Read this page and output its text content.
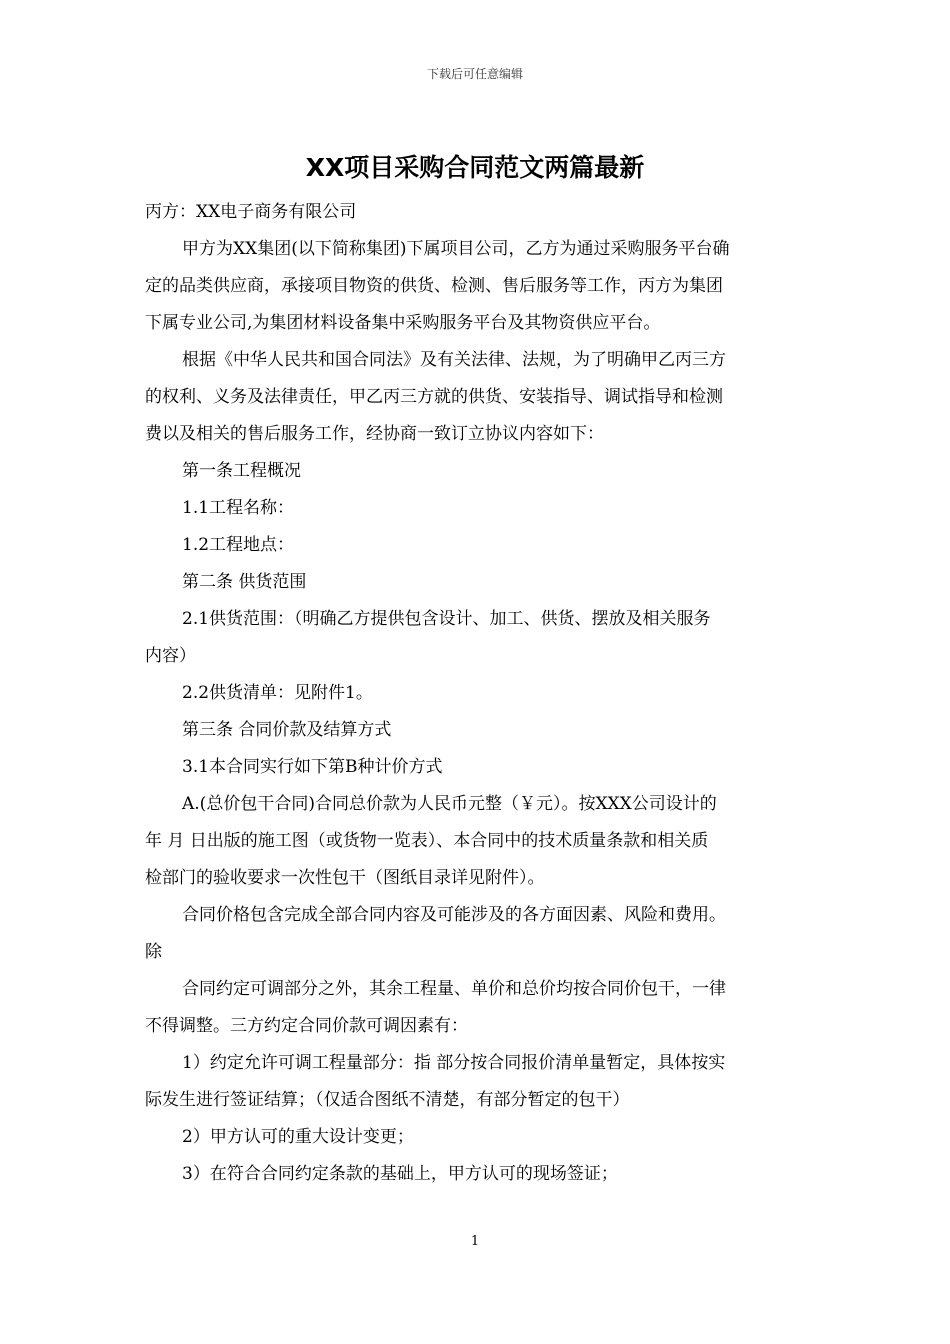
下载后可任意编辑
XX项目采购合同范文两篇最新
丙方：XX电子商务有限公司
甲方为XX集团(以下简称集团)下属项目公司，乙方为通过采购服务平台确
定的品类供应商，承接项目物资的供货、检测、售后服务等工作，丙方为集团
下属专业公司,为集团材料设备集中采购服务平台及其物资供应平台。
根据《中华人民共和国合同法》及有关法律、法规，为了明确甲乙丙三方
的权利、义务及法律责任，甲乙丙三方就的供货、安装指导、调试指导和检测
费以及相关的售后服务工作，经协商一致订立协议内容如下：
第一条工程概况
1.1工程名称：
1.2工程地点：
第二条 供货范围
2.1供货范围：（明确乙方提供包含设计、加工、供货、摆放及相关服务
内容）
2.2供货清单：见附件1。
第三条 合同价款及结算方式
3.1本合同实行如下第B种计价方式
A.(总价包干合同)合同总价款为人民币元整（￥元）。按XXX公司设计的
年 月 日出版的施工图（或货物一览表）、本合同中的技术质量条款和相关质
检部门的验收要求一次性包干（图纸目录详见附件）。
合同价格包含完成全部合同内容及可能涉及的各方面因素、风险和费用。
除
合同约定可调部分之外，其余工程量、单价和总价均按合同价包干，一律
不得调整。三方约定合同价款可调因素有：
1）约定允许可调工程量部分：指 部分按合同报价清单量暂定，具体按实
际发生进行签证结算；（仅适合图纸不清楚，有部分暂定的包干）
2）甲方认可的重大设计变更；
3）在符合合同约定条款的基础上，甲方认可的现场签证；
1
